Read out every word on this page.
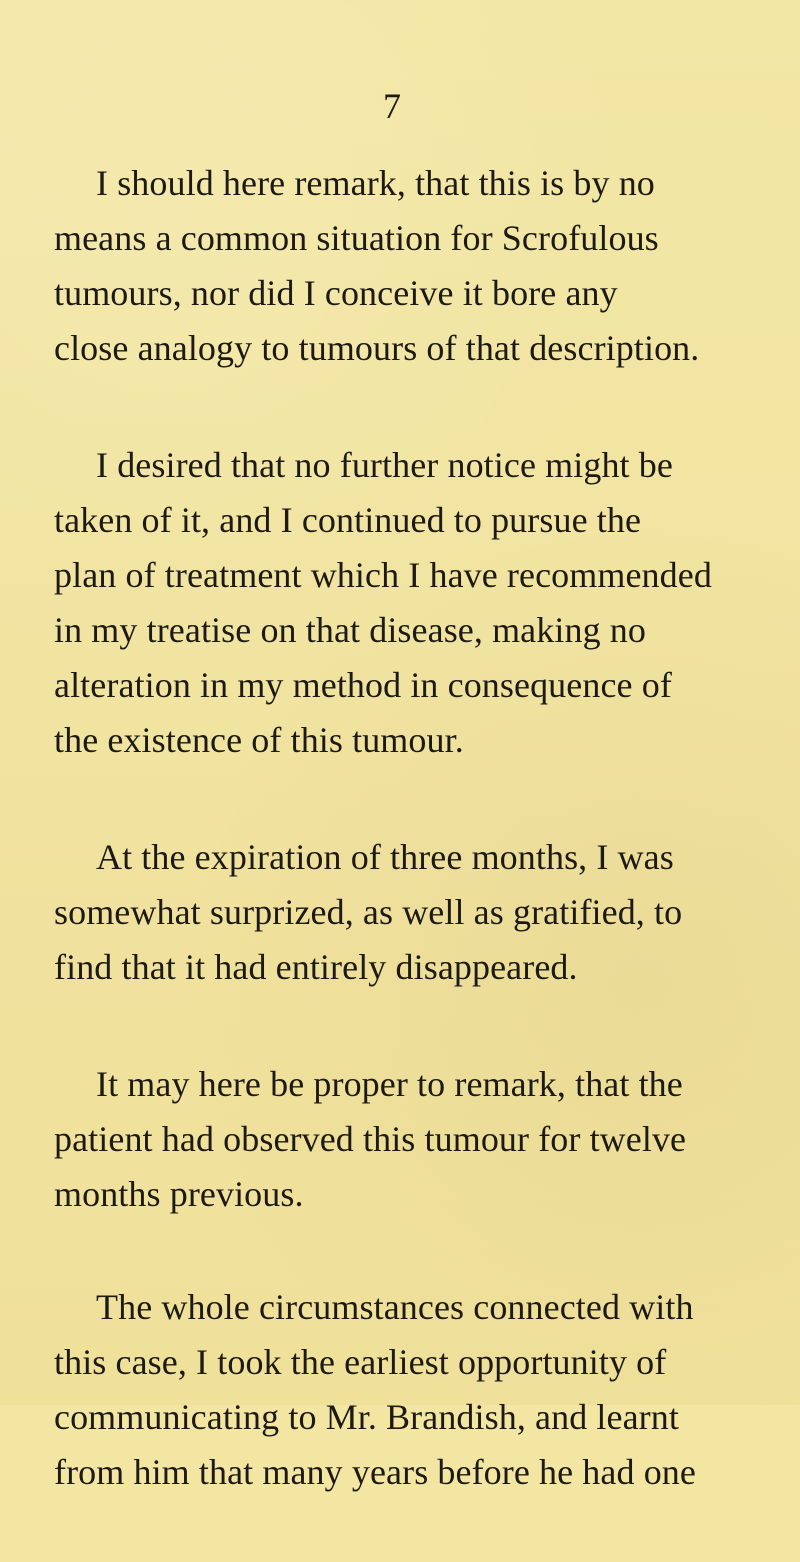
7

I should here remark, that this is by no
means a common situation for Scrofulous
tumours, nor did I conceive it bore any
close analogy to tumours of that description.

I desired that no further notice might be
taken of it, and I continued to pursue the
plan of treatment which I have recommended
in my treatise on that disease, making no
alteration in my method in consequence of
the existence of this tumour.

At the expiration of three months, I was
somewhat surprized, as well as gratified, to
find that it had entirely disappeared.

It may here be proper to remark, that the
patient had observed this tumour for twelve
months previous.

The whole circumstances connected with
this case, I took the earliest opportunity of
communicating to Mr. Brandish, and learnt
from him that many years before he had one
